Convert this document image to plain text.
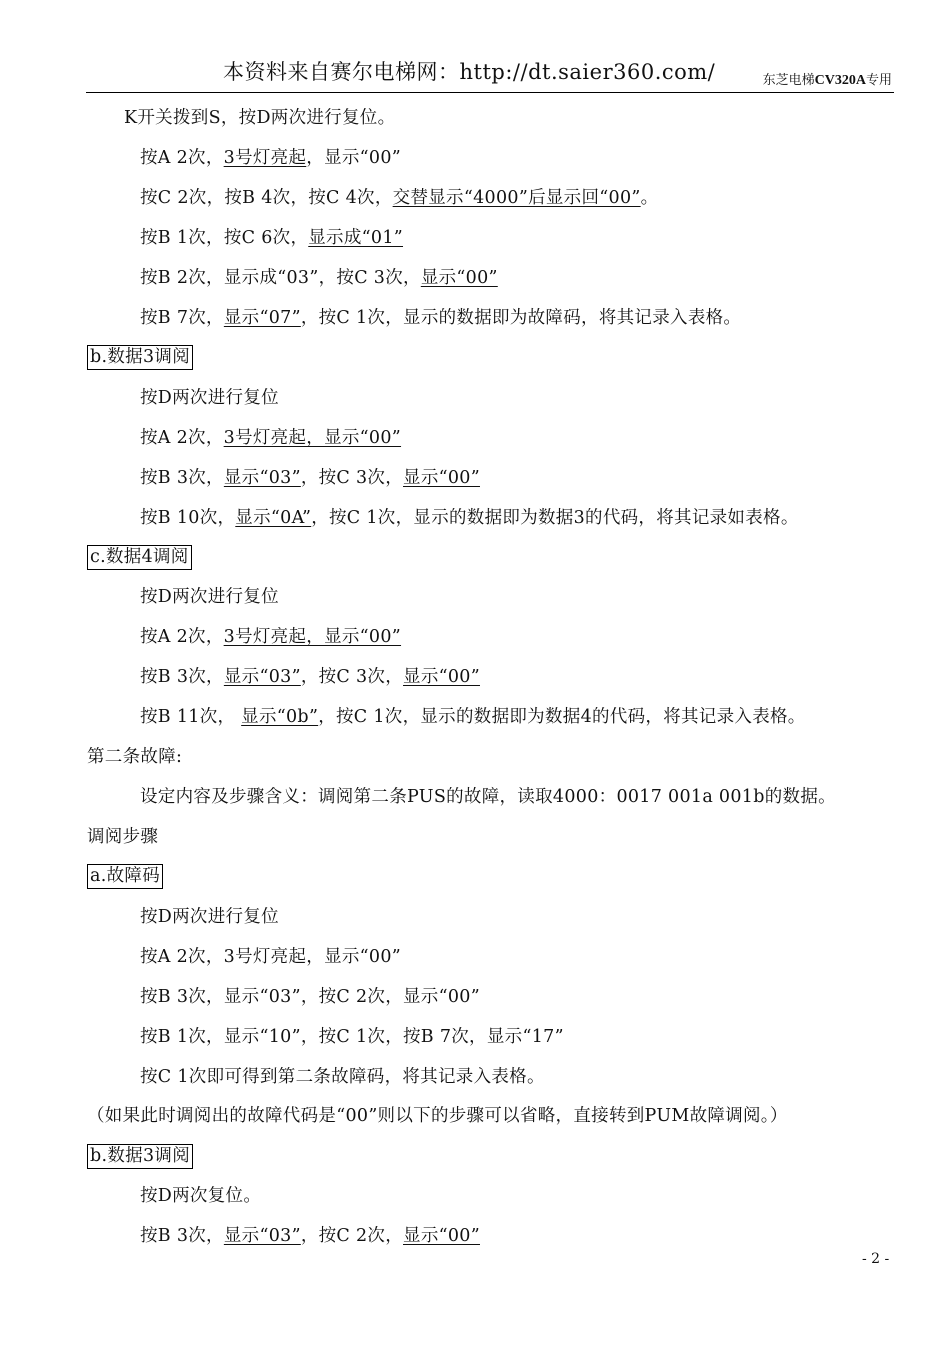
本资料来自赛尔电梯网：http://dt.saier360.com/	东芝电梯CV320A专用
K开关拨到S，按D两次进行复位。
按A 2次，3号灯亮起，显示“00”
按C 2次，按B 4次，按C 4次，交替显示“4000”后显示回“00”。
按B 1次，按C 6次，显示成“01”
按B 2次，显示成“03”，按C 3次，显示“00”
按B 7次，显示“07”，按C 1次，显示的数据即为故障码，将其记录入表格。
b.数据3调阅
按D两次进行复位
按A 2次，3号灯亮起，显示“00”
按B 3次，显示“03”，按C 3次，显示“00”
按B 10次，显示“0A”，按C 1次，显示的数据即为数据3的代码，将其记录如表格。
c.数据4调阅
按D两次进行复位
按A 2次，3号灯亮起，显示“00”
按B 3次，显示“03”，按C 3次，显示“00”
按B 11次， 显示“0b”，按C 1次，显示的数据即为数据4的代码，将其记录入表格。
第二条故障:
设定内容及步骤含义：调阅第二条PUS的故障，读取4000：0017 001a 001b的数据。
调阅步骤
a.故障码
按D两次进行复位
按A 2次，3号灯亮起，显示“00”
按B 3次，显示“03”，按C 2次，显示“00”
按B 1次，显示“10”，按C 1次，按B 7次，显示“17”
按C 1次即可得到第二条故障码，将其记录入表格。
（如果此时调阅出的故障代码是“00”则以下的步骤可以省略，直接转到PUM故障调阅。）
b.数据3调阅
按D两次复位。
按B 3次，显示“03”，按C 2次，显示“00”
- 2 -
